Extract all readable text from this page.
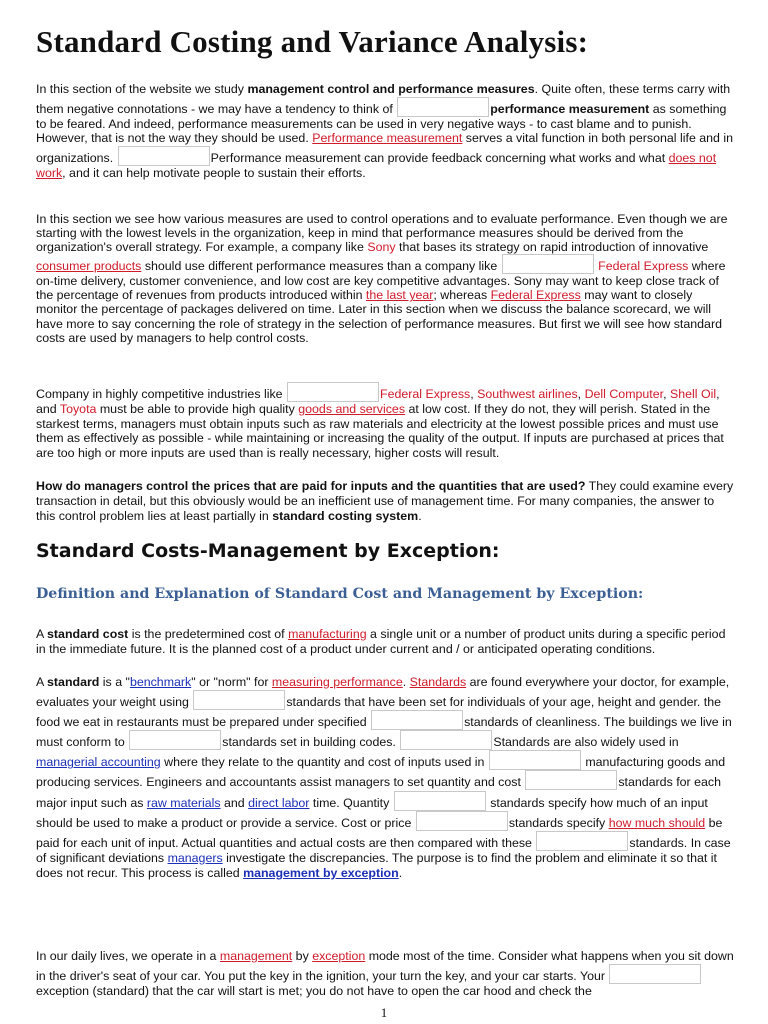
Standard Costing and Variance Analysis:

In this section of the website we study management control and performance measures. Quite often, these terms carry with them negative connotations - we may have a tendency to think of	performance measurement as something to be feared. And indeed, performance measurements can be used in very negative ways - to cast blame and to punish. However, that is not the way they should be used. Performance measurement serves a vital function in both personal life and in organizations.	Performance measurement can provide feedback concerning what works and what does not work, and it can help motivate people to sustain their efforts.

In this section we see how various measures are used to control operations and to evaluate performance. Even though we are starting with the lowest levels in the organization, keep in mind that performance measures should be derived from the organization's overall strategy. For example, a company like Sony that bases its strategy on rapid introduction of innovative consumer products should use different performance measures than a company like	Federal Express where on-time delivery, customer convenience, and low cost are key competitive advantages. Sony may want to keep close track of the percentage of revenues from products introduced within the last year; whereas Federal Express may want to closely monitor the percentage of packages delivered on time. Later in this section when we discuss the balance scorecard, we will have more to say concerning the role of strategy in the selection of performance measures. But first we will see how standard costs are used by managers to help control costs.

Company in highly competitive industries like	Federal Express, Southwest airlines, Dell Computer, Shell Oil, and Toyota must be able to provide high quality goods and services at low cost. If they do not, they will perish. Stated in the starkest terms, managers must obtain inputs such as raw materials and electricity at the lowest possible prices and must use them as effectively as possible - while maintaining or increasing the quality of the output. If inputs are purchased at prices that are too high or more inputs are used than is really necessary, higher costs will result.

How do managers control the prices that are paid for inputs and the quantities that are used? They could examine every transaction in detail, but this obviously would be an inefficient use of management time. For many companies, the answer to this control problem lies at least partially in standard costing system.

Standard Costs-Management by Exception:
Definition and Explanation of Standard Cost and Management by Exception:

A standard cost is the predetermined cost of manufacturing a single unit or a number of product units during a specific period in the immediate future. It is the planned cost of a product under current and / or anticipated operating conditions.

A standard is a "benchmark" or "norm" for measuring performance. Standards are found everywhere your doctor, for example, evaluates your weight using	standards that have been set for individuals of your age, height and gender. the food we eat in restaurants must be prepared under specified	standards of cleanliness. The buildings we live in must conform to	standards set in building codes.	Standards are also widely used in managerial accounting where they relate to the quantity and cost of inputs used in	manufacturing goods and producing services. Engineers and accountants assist managers to set quantity and cost	standards for each major input such as raw materials and direct labor time. Quantity	standards specify how much of an input should be used to make a product or provide a service. Cost or price	standards specify how much should be paid for each unit of input. Actual quantities and actual costs are then compared with these	standards. In case of significant deviations managers investigate the discrepancies. The purpose is to find the problem and eliminate it so that it does not recur. This process is called management by exception.

In our daily lives, we operate in a management by exception mode most of the time. Consider what happens when you sit down in the driver's seat of your car. You put the key in the ignition, your turn the key, and your car starts. Your exception (standard) that the car will start is met; you do not have to open the car hood and check the

1
